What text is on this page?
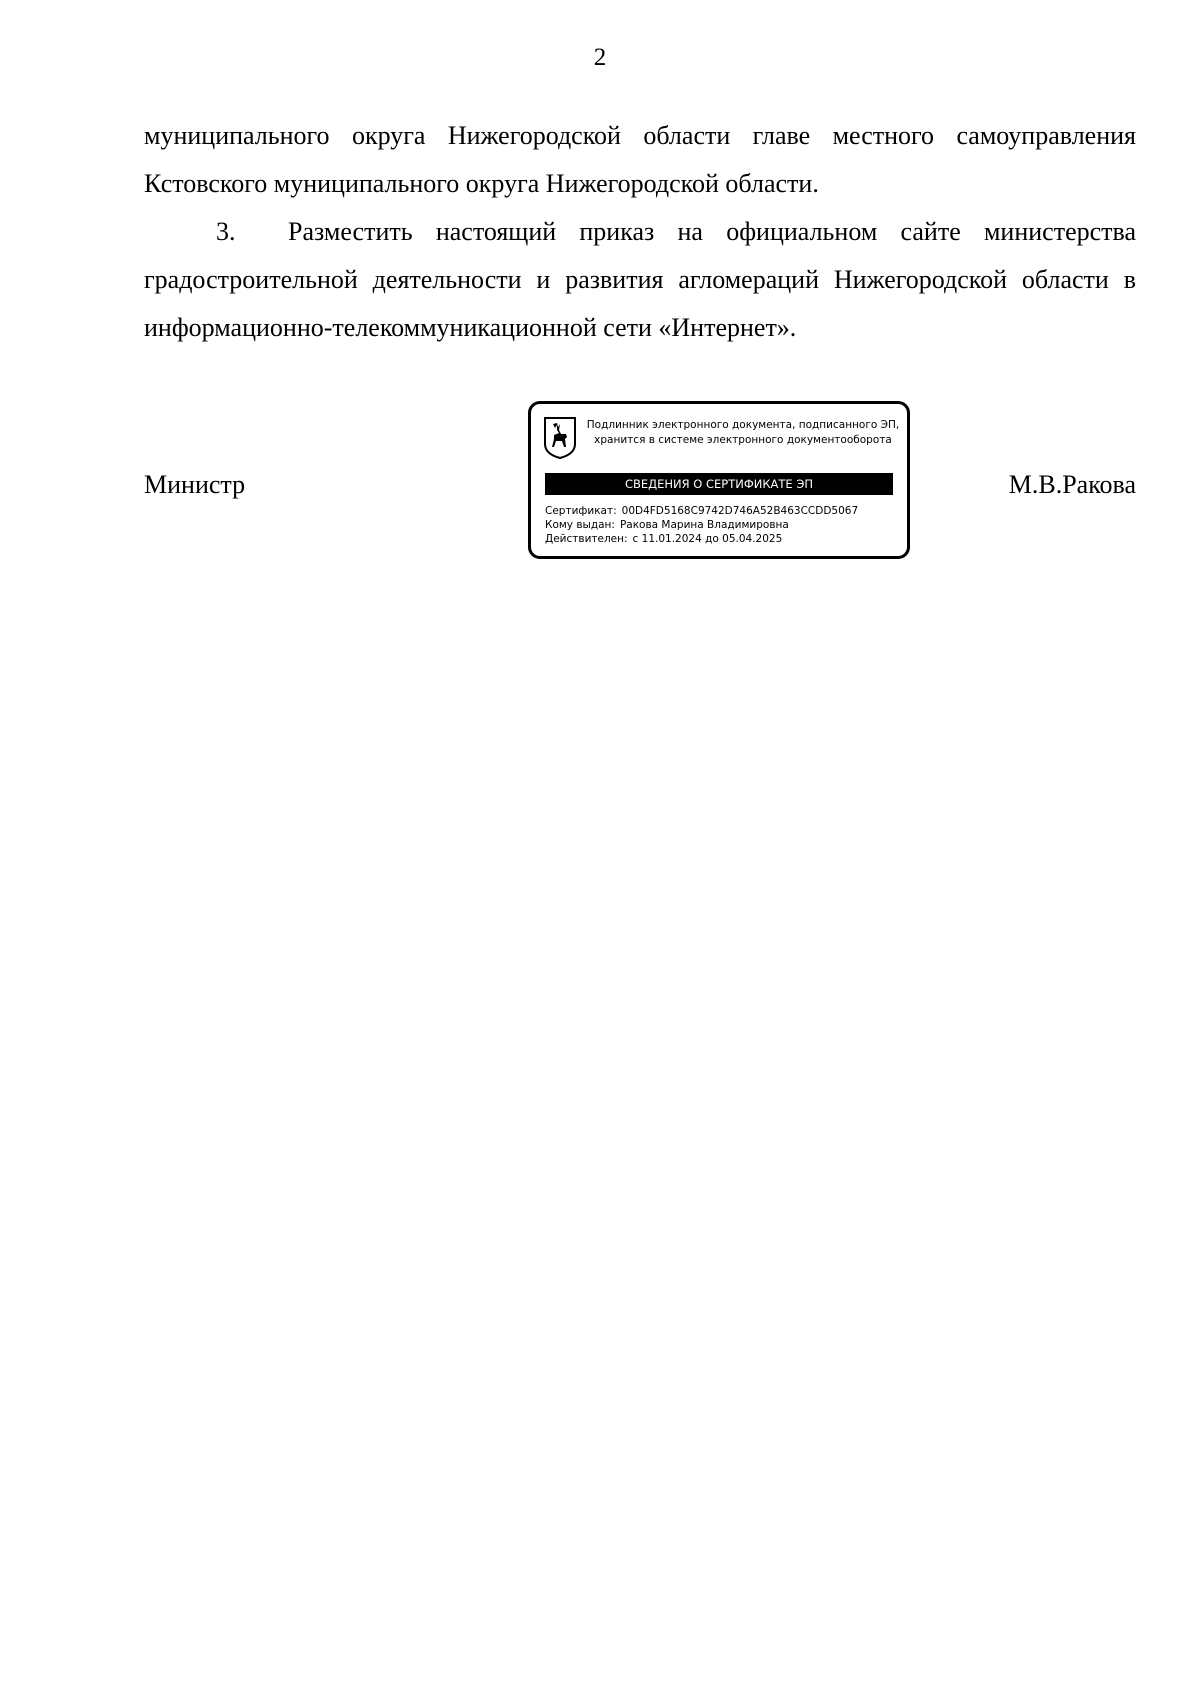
2

муниципального округа Нижегородской области главе местного самоуправления Кстовского муниципального округа Нижегородской области.

3. Разместить настоящий приказ на официальном сайте министерства градостроительной деятельности и развития агломераций Нижегородской области в информационно-телекоммуникационной сети «Интернет».

Министр	М.В.Ракова
Подлинник электронного документа, подписанного ЭП,
хранится в системе электронного документооборота
СВЕДЕНИЯ О СЕРТИФИКАТЕ ЭП
Сертификат: 00D4FD5168C9742D746A52B463CCDD5067
Кому выдан: Ракова Марина Владимировна
Действителен: с 11.01.2024 до 05.04.2025
